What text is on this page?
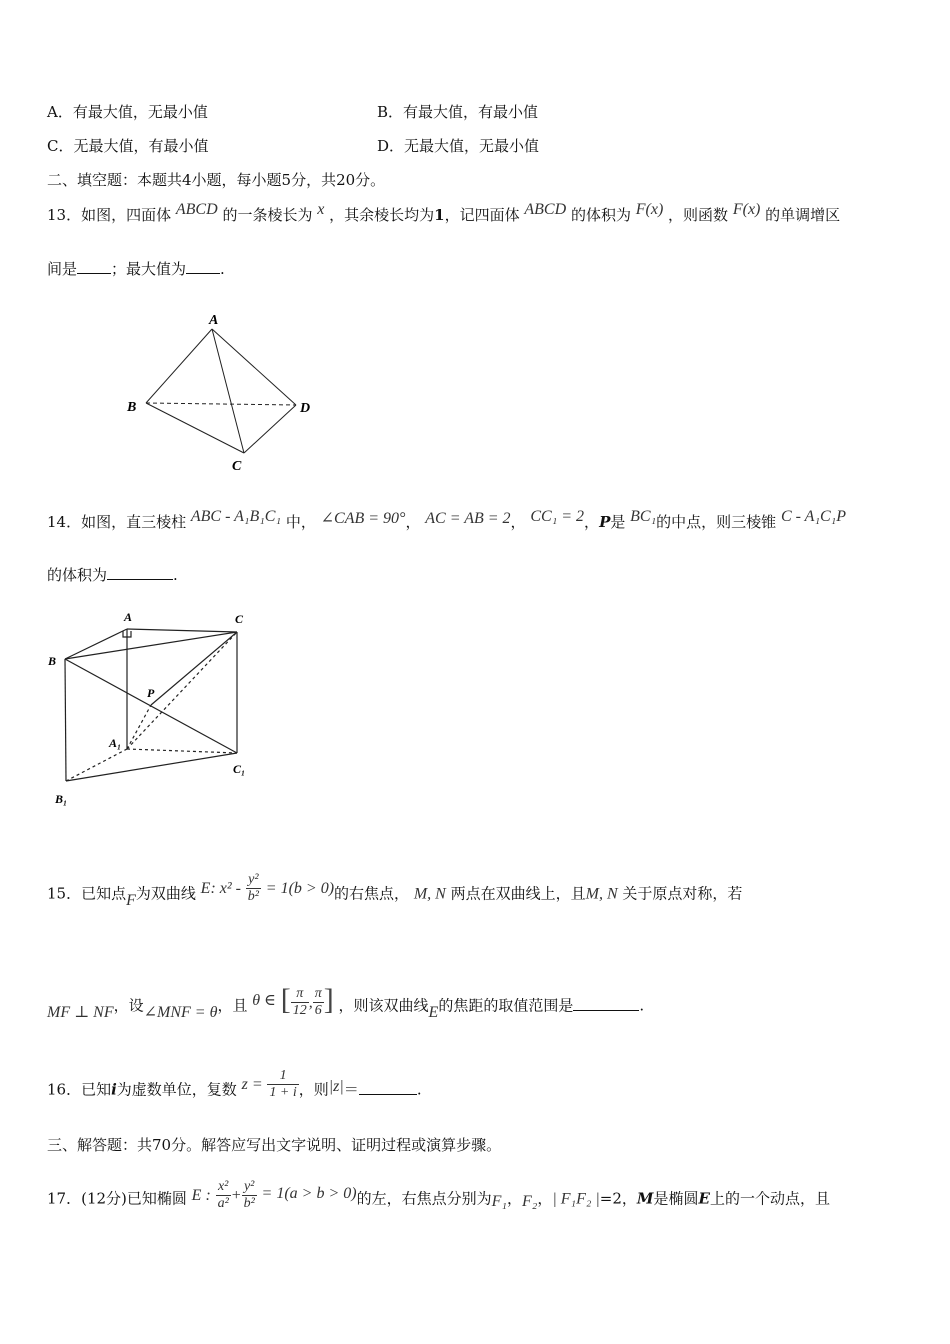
A．有最大值，无最小值	B．有最大值，有最小值
C．无最大值，有最小值	D．无最大值，无最小值
二、填空题：本题共4小题，每小题5分，共20分。
13．如图，四面体 ABCD 的一条棱长为 x ，其余棱长均为1，记四面体 ABCD 的体积为 F(x) ，则函数 F(x) 的单调增区
间是 ；最大值为 .
A
B	D
C
14．如图，直三棱柱 ABC - A₁B₁C₁ 中， ∠CAB = 90°， AC = AB = 2， CC₁ = 2，P是 BC₁的中点，则三棱锥 C - A₁C₁P
的体积为	.
A	C
B
P
A₁
C₁
B₁
15．已知点F为双曲线 E: $x^2 - \frac{\text{y²}}{\text{b²}} = 1(b > 0)$的右焦点， M, N 两点在双曲线上，且M, N 关于原点对称，若
MF ⊥ NF，设∠MNF = θ，且 θ ∈ [ $\frac{\pi}{12}$ , $\frac{\pi}{6}$ ] ，则该双曲线E的焦距的取值范围是	.
16．已知i为虚数单位，复数 $z = \frac{1}{1 + i}$ ，则|z|＝	.
三、解答题：共70分。解答应写出文字说明、证明过程或演算步骤。
17．(12分)已知椭圆 E : $\frac{\text{x²}}{\text{a²}} + \frac{\text{y²}}{\text{b²}} = 1(a > b > 0)$的左，右焦点分别为F₁，F₂，| F₁F₂ |=2，M是椭圆E上的一个动点，且
